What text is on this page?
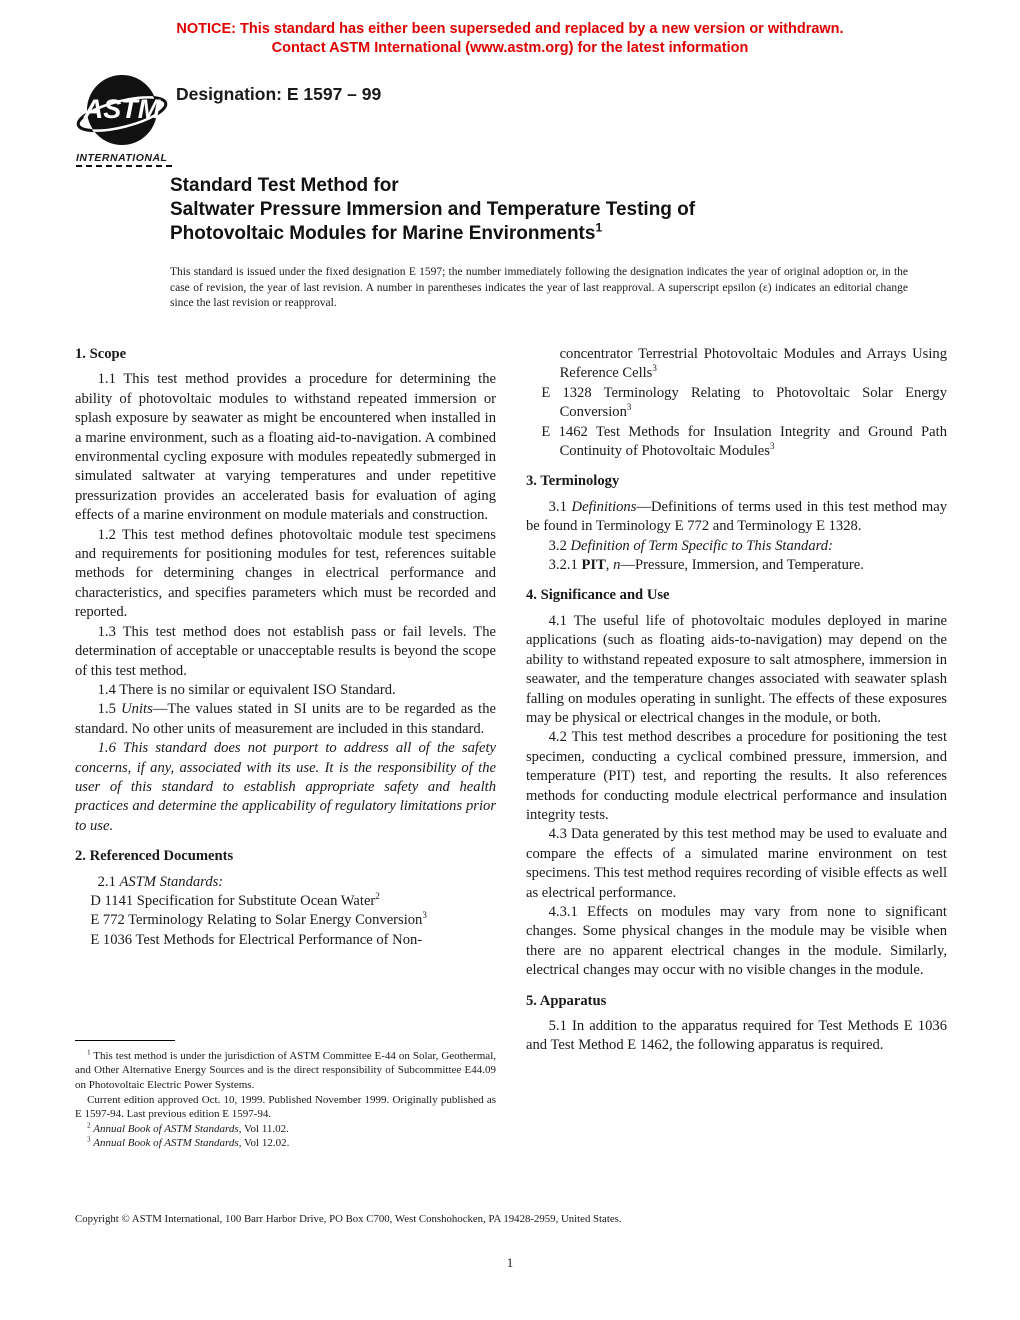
NOTICE: This standard has either been superseded and replaced by a new version or withdrawn.
Contact ASTM International (www.astm.org) for the latest information
ASTM
INTERNATIONAL
Designation: E 1597 – 99
Standard Test Method for
Saltwater Pressure Immersion and Temperature Testing of
Photovoltaic Modules for Marine Environments$^1$
This standard is issued under the fixed designation E 1597; the number immediately following the designation indicates the year of original adoption or, in the case of revision, the year of last revision. A number in parentheses indicates the year of last reapproval. A superscript epsilon (ε) indicates an editorial change since the last revision or reapproval.
1. Scope
1.1 This test method provides a procedure for determining the ability of photovoltaic modules to withstand repeated immersion or splash exposure by seawater as might be encountered when installed in a marine environment, such as a floating aid-to-navigation. A combined environmental cycling exposure with modules repeatedly submerged in simulated saltwater at varying temperatures and under repetitive pressurization provides an accelerated basis for evaluation of aging effects of a marine environment on module materials and construction.
1.2 This test method defines photovoltaic module test specimens and requirements for positioning modules for test, references suitable methods for determining changes in electrical performance and characteristics, and specifies parameters which must be recorded and reported.
1.3 This test method does not establish pass or fail levels. The determination of acceptable or unacceptable results is beyond the scope of this test method.
1.4 There is no similar or equivalent ISO Standard.
1.5 Units—The values stated in SI units are to be regarded as the standard. No other units of measurement are included in this standard.
1.6 This standard does not purport to address all of the safety concerns, if any, associated with its use. It is the responsibility of the user of this standard to establish appropriate safety and health practices and determine the applicability of regulatory limitations prior to use.
2. Referenced Documents
2.1 ASTM Standards:
D 1141 Specification for Substitute Ocean Water$^2$
E 772 Terminology Relating to Solar Energy Conversion$^3$
E 1036 Test Methods for Electrical Performance of Non-
$^1$ This test method is under the jurisdiction of ASTM Committee E-44 on Solar, Geothermal, and Other Alternative Energy Sources and is the direct responsibility of Subcommittee E44.09 on Photovoltaic Electric Power Systems.
Current edition approved Oct. 10, 1999. Published November 1999. Originally published as E 1597-94. Last previous edition E 1597-94.
$^2$ Annual Book of ASTM Standards, Vol 11.02.
$^3$ Annual Book of ASTM Standards, Vol 12.02.
concentrator Terrestrial Photovoltaic Modules and Arrays Using Reference Cells$^3$
E 1328 Terminology Relating to Photovoltaic Solar Energy Conversion$^3$
E 1462 Test Methods for Insulation Integrity and Ground Path Continuity of Photovoltaic Modules$^3$
3. Terminology
3.1 Definitions—Definitions of terms used in this test method may be found in Terminology E 772 and Terminology E 1328.
3.2 Definition of Term Specific to This Standard:
3.2.1 PIT, n—Pressure, Immersion, and Temperature.
4. Significance and Use
4.1 The useful life of photovoltaic modules deployed in marine applications (such as floating aids-to-navigation) may depend on the ability to withstand repeated exposure to salt atmosphere, immersion in seawater, and the temperature changes associated with seawater splash falling on modules operating in sunlight. The effects of these exposures may be physical or electrical changes in the module, or both.
4.2 This test method describes a procedure for positioning the test specimen, conducting a cyclical combined pressure, immersion, and temperature (PIT) test, and reporting the results. It also references methods for conducting module electrical performance and insulation integrity tests.
4.3 Data generated by this test method may be used to evaluate and compare the effects of a simulated marine environment on test specimens. This test method requires recording of visible effects as well as electrical performance.
4.3.1 Effects on modules may vary from none to significant changes. Some physical changes in the module may be visible when there are no apparent electrical changes in the module. Similarly, electrical changes may occur with no visible changes in the module.
5. Apparatus
5.1 In addition to the apparatus required for Test Methods E 1036 and Test Method E 1462, the following apparatus is required.
Copyright © ASTM International, 100 Barr Harbor Drive, PO Box C700, West Conshohocken, PA 19428-2959, United States.
1
